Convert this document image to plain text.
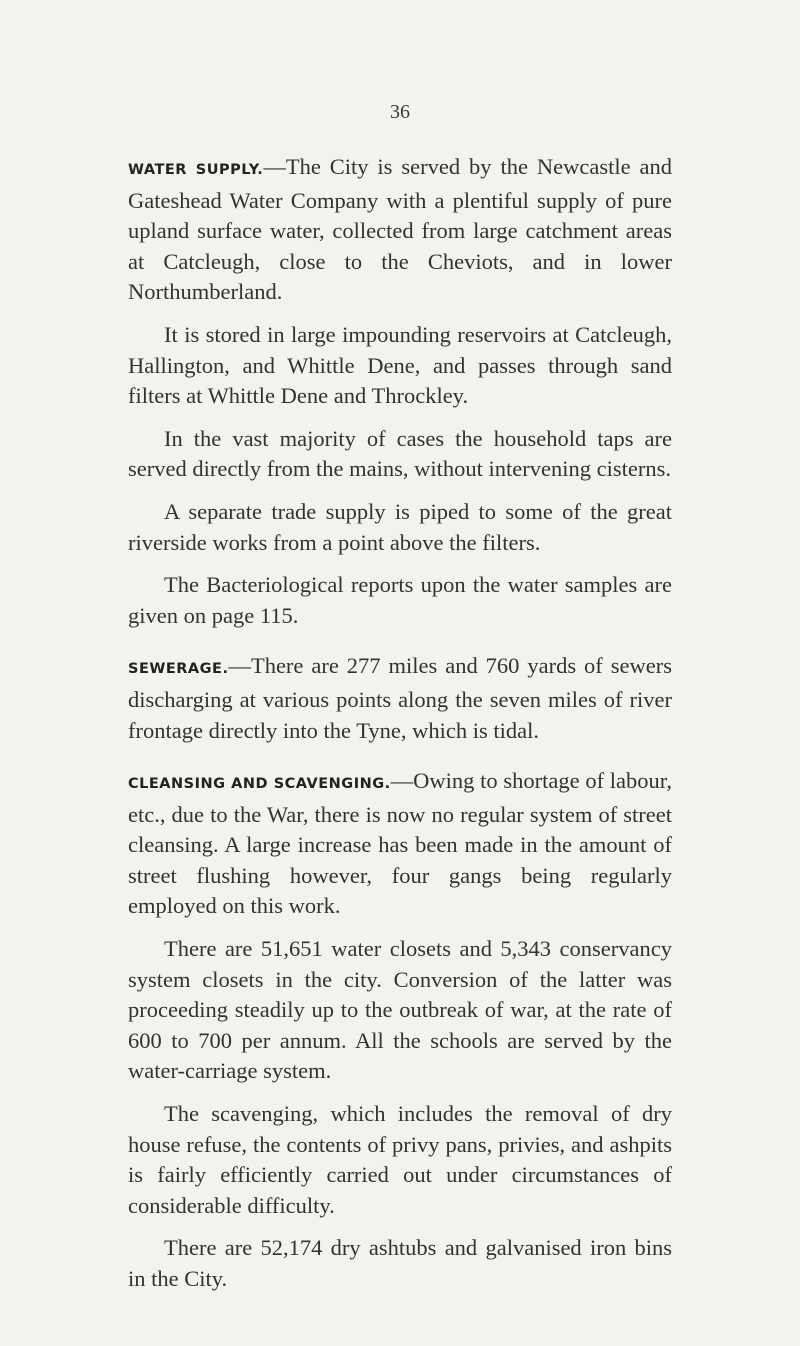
36

WATER SUPPLY.—The City is served by the Newcastle and Gateshead Water Company with a plentiful supply of pure upland surface water, collected from large catchment areas at Catcleugh, close to the Cheviots, and in lower Northumberland.

It is stored in large impounding reservoirs at Catcleugh, Hallington, and Whittle Dene, and passes through sand filters at Whittle Dene and Throckley.

In the vast majority of cases the household taps are served directly from the mains, without intervening cisterns.

A separate trade supply is piped to some of the great riverside works from a point above the filters.

The Bacteriological reports upon the water samples are given on page 115.

SEWERAGE.—There are 277 miles and 760 yards of sewers discharging at various points along the seven miles of river frontage directly into the Tyne, which is tidal.

CLEANSING AND SCAVENGING.—Owing to shortage of labour, etc., due to the War, there is now no regular system of street cleansing. A large increase has been made in the amount of street flushing however, four gangs being regularly employed on this work.

There are 51,651 water closets and 5,343 conservancy system closets in the city. Conversion of the latter was proceeding steadily up to the outbreak of war, at the rate of 600 to 700 per annum. All the schools are served by the water-carriage system.

The scavenging, which includes the removal of dry house refuse, the contents of privy pans, privies, and ashpits is fairly efficiently carried out under circumstances of considerable difficulty.

There are 52,174 dry ashtubs and galvanised iron bins in the City.
